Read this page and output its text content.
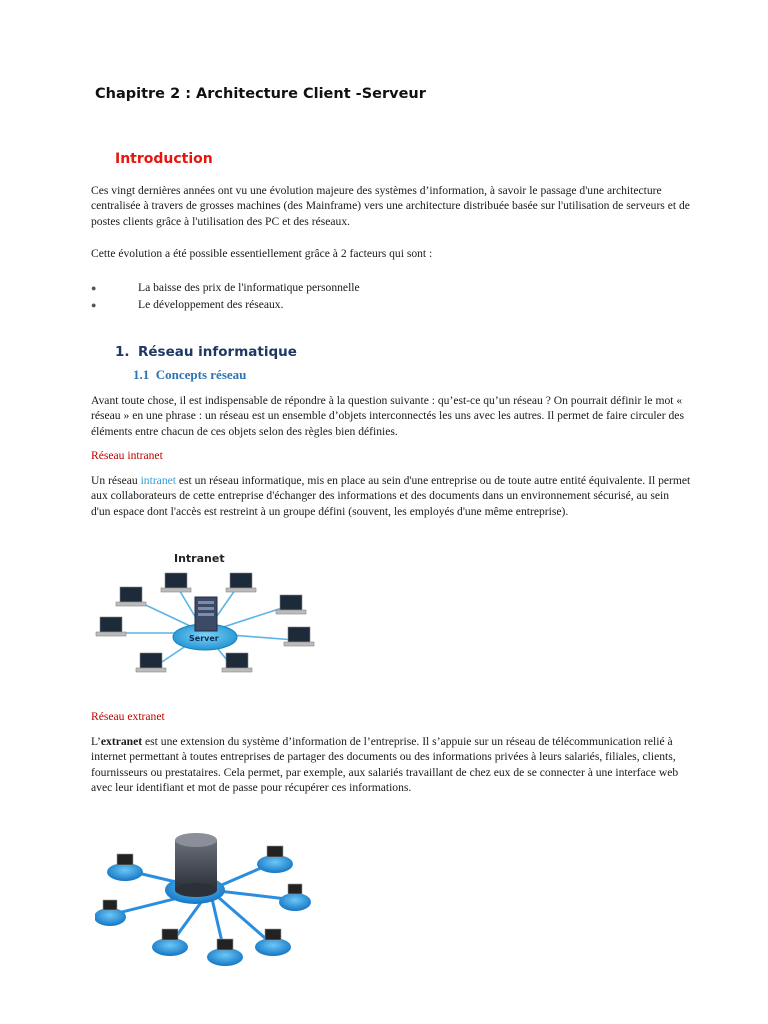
Chapitre 2 : Architecture Client -Serveur
Introduction
Ces vingt dernières années ont vu une évolution majeure des systèmes d’information, à savoir le passage d'une architecture centralisée à travers de grosses machines (des Mainframe) vers une architecture distribuée basée sur l'utilisation de serveurs et de postes clients grâce à l'utilisation des PC et des réseaux.
Cette évolution a été possible essentiellement grâce à 2 facteurs qui sont :
●	La baisse des prix de l'informatique personnelle
●	Le développement des réseaux.
1. Réseau informatique
1.1 Concepts réseau
Avant toute chose, il est indispensable de répondre à la question suivante : qu’est-ce qu’un réseau ? On pourrait définir le mot « réseau » en une phrase : un réseau est un ensemble d’objets interconnectés les uns avec les autres. Il permet de faire circuler des éléments entre chacun de ces objets selon des règles bien définies.
Réseau intranet
Un réseau intranet est un réseau informatique, mis en place au sein d'une entreprise ou de toute autre entité équivalente. Il permet aux collaborateurs de cette entreprise d'échanger des informations et des documents dans un environnement sécurisé, au sein d'un espace dont l'accès est restreint à un groupe défini (souvent, les employés d'une même entreprise).
Intranet
Server
Réseau extranet
L’extranet est une extension du système d’information de l’entreprise. Il s’appuie sur un réseau de télécommunication relié à internet permettant à toutes entreprises de partager des documents ou des informations privées à leurs salariés, filiales, clients, fournisseurs ou prestataires. Cela permet, par exemple, aux salariés travaillant de chez eux de se connecter à une interface web avec leur identifiant et mot de passe pour récupérer ces informations.
